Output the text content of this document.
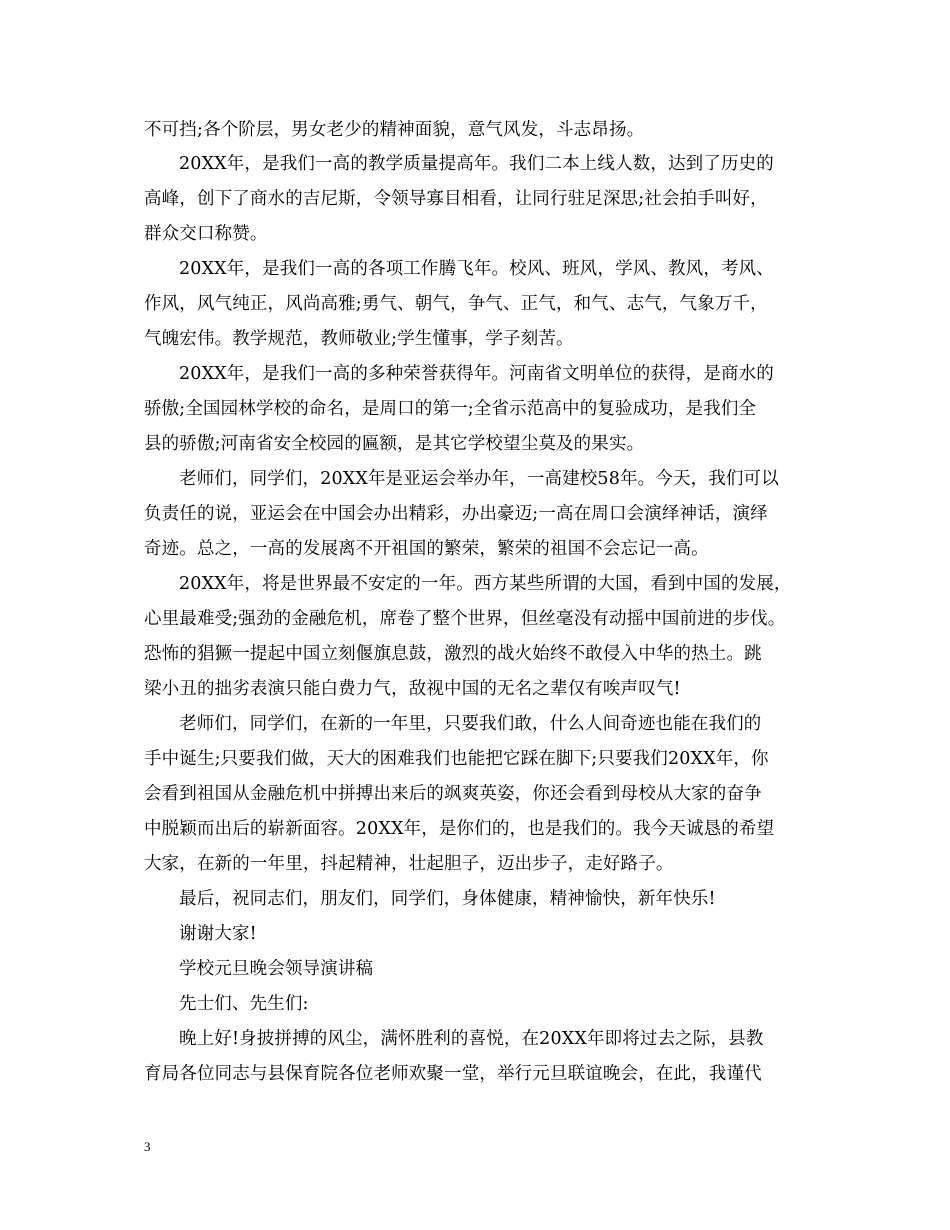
不可挡;各个阶层，男女老少的精神面貌，意气风发，斗志昂扬。
20XX年，是我们一高的教学质量提高年。我们二本上线人数，达到了历史的
高峰，创下了商水的吉尼斯，令领导寡目相看，让同行驻足深思;社会拍手叫好，
群众交口称赞。
20XX年，是我们一高的各项工作腾飞年。校风、班风，学风、教风，考风、
作风，风气纯正，风尚高雅;勇气、朝气，争气、正气，和气、志气，气象万千，
气魄宏伟。教学规范，教师敬业;学生懂事，学子刻苦。
20XX年，是我们一高的多种荣誉获得年。河南省文明单位的获得，是商水的
骄傲;全国园林学校的命名，是周口的第一;全省示范高中的复验成功，是我们全
县的骄傲;河南省安全校园的匾额，是其它学校望尘莫及的果实。
老师们，同学们，20XX年是亚运会举办年，一高建校58年。今天，我们可以
负责任的说，亚运会在中国会办出精彩，办出豪迈;一高在周口会演绎神话，演绎
奇迹。总之，一高的发展离不开祖国的繁荣，繁荣的祖国不会忘记一高。
20XX年，将是世界最不安定的一年。西方某些所谓的大国，看到中国的发展，
心里最难受;强劲的金融危机，席卷了整个世界，但丝毫没有动摇中国前进的步伐。
恐怖的猖獗一提起中国立刻偃旗息鼓，激烈的战火始终不敢侵入中华的热土。跳
梁小丑的拙劣表演只能白费力气，敌视中国的无名之辈仅有唉声叹气!
老师们，同学们，在新的一年里，只要我们敢，什么人间奇迹也能在我们的
手中诞生;只要我们做，天大的困难我们也能把它踩在脚下;只要我们20XX年，你
会看到祖国从金融危机中拼搏出来后的飒爽英姿，你还会看到母校从大家的奋争
中脱颖而出后的崭新面容。20XX年，是你们的，也是我们的。我今天诚恳的希望
大家，在新的一年里，抖起精神，壮起胆子，迈出步子，走好路子。
最后，祝同志们，朋友们，同学们，身体健康，精神愉快，新年快乐!
谢谢大家!
学校元旦晚会领导演讲稿
先士们、先生们:
晚上好!身披拼搏的风尘，满怀胜利的喜悦，在20XX年即将过去之际，县教
育局各位同志与县保育院各位老师欢聚一堂，举行元旦联谊晚会，在此，我谨代
3
